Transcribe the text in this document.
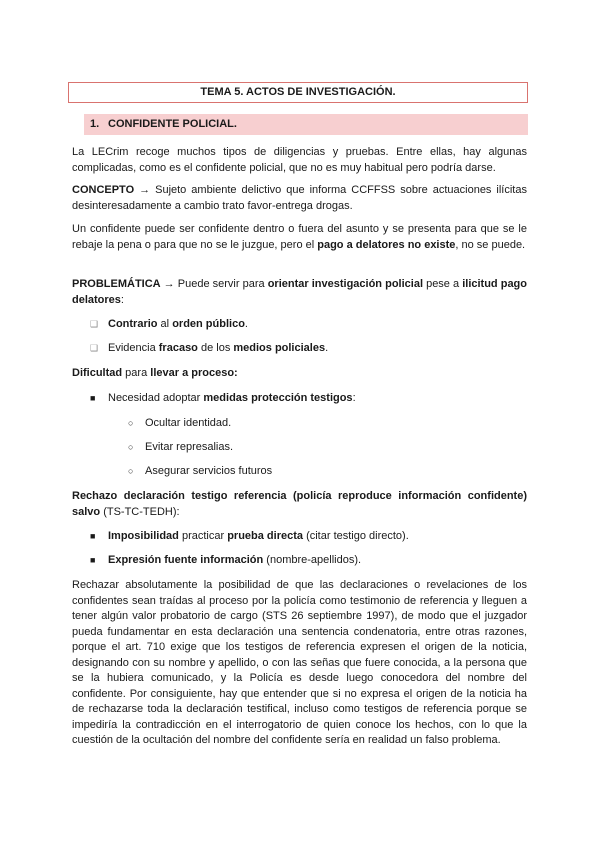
TEMA 5. ACTOS DE INVESTIGACIÓN.
1. CONFIDENTE POLICIAL.

La LECrim recoge muchos tipos de diligencias y pruebas. Entre ellas, hay algunas complicadas, como es el confidente policial, que no es muy habitual pero podría darse.

CONCEPTO → Sujeto ambiente delictivo que informa CCFFSS sobre actuaciones ilícitas desinteresadamente a cambio trato favor-entrega drogas.

Un confidente puede ser confidente dentro o fuera del asunto y se presenta para que se le rebaje la pena o para que no se le juzgue, pero el pago a delatores no existe, no se puede.

PROBLEMÁTICA → Puede servir para orientar investigación policial pese a ilicitud pago delatores:

❑ Contrario al orden público.
❑ Evidencia fracaso de los medios policiales.

Dificultad para llevar a proceso:

■ Necesidad adoptar medidas protección testigos:
○ Ocultar identidad.
○ Evitar represalias.
○ Asegurar servicios futuros

Rechazo declaración testigo referencia (policía reproduce información confidente) salvo (TS-TC-TEDH):

■ Imposibilidad practicar prueba directa (citar testigo directo).
■ Expresión fuente información (nombre-apellidos).

Rechazar absolutamente la posibilidad de que las declaraciones o revelaciones de los confidentes sean traídas al proceso por la policía como testimonio de referencia y lleguen a tener algún valor probatorio de cargo (STS 26 septiembre 1997), de modo que el juzgador pueda fundamentar en esta declaración una sentencia condenatoria, entre otras razones, porque el art. 710 exige que los testigos de referencia expresen el origen de la noticia, designando con su nombre y apellido, o con las señas que fuere conocida, a la persona que se la hubiera comunicado, y la Policía es desde luego conocedora del nombre del confidente. Por consiguiente, hay que entender que si no expresa el origen de la noticia ha de rechazarse toda la declaración testifical, incluso como testigos de referencia porque se impediría la contradicción en el interrogatorio de quien conoce los hechos, con lo que la cuestión de la ocultación del nombre del confidente sería en realidad un falso problema.
